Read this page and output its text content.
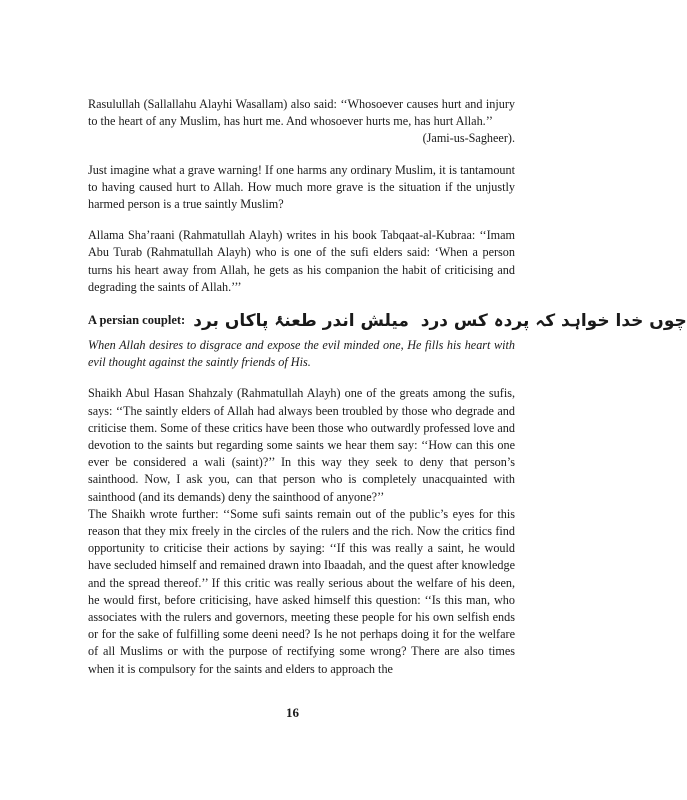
Rasulullah (Sallallahu Alayhi Wasallam) also said: ‘‘Whosoever causes hurt and injury to the heart of any Muslim, has hurt me. And whosoever hurts me, has hurt Allah.’’

(Jami-us-Sagheer).

Just imagine what a grave warning! If one harms any ordinary Muslim, it is tantamount to having caused hurt to Allah. How much more grave is the situation if the unjustly harmed person is a true saintly Muslim?

Allama Sha’raani (Rahmatullah Alayh) writes in his book Tabqaat-al-Kubraa: ‘‘Imam Abu Turab (Rahmatullah Alayh) who is one of the sufi elders said: ‘When a person turns his heart away from Allah, he gets as his companion the habit of criticising and degrading the saints of Allah.’’’

A persian couplet: چوں خدا خواہد کہ پردہ کس درد ‌ میلش اندر طعنۂ پاکاں برد

When Allah desires to disgrace and expose the evil minded one, He fills his heart with evil thought against the saintly friends of His.

Shaikh Abul Hasan Shahzaly (Rahmatullah Alayh) one of the greats among the sufis, says: ‘‘The saintly elders of Allah had always been troubled by those who degrade and criticise them. Some of these critics have been those who outwardly professed love and devotion to the saints but regarding some saints we hear them say: ‘‘How can this one ever be considered a wali (saint)?’’ In this way they seek to deny that person’s sainthood. Now, I ask you, can that person who is completely unacquainted with sainthood (and its demands) deny the sainthood of anyone?’’

The Shaikh wrote further: ‘‘Some sufi saints remain out of the public’s eyes for this reason that they mix freely in the circles of the rulers and the rich. Now the critics find opportunity to criticise their actions by saying: ‘‘If this was really a saint, he would have secluded himself and remained drawn into Ibaadah, and the quest after knowledge and the spread thereof.’’ If this critic was really serious about the welfare of his deen, he would first, before criticising, have asked himself this question: ‘‘Is this man, who associates with the rulers and governors, meeting these people for his own selfish ends or for the sake of fulfilling some deeni need? Is he not perhaps doing it for the welfare of all Muslims or with the purpose of rectifying some wrong? There are also times when it is compulsory for the saints and elders to approach the

16
